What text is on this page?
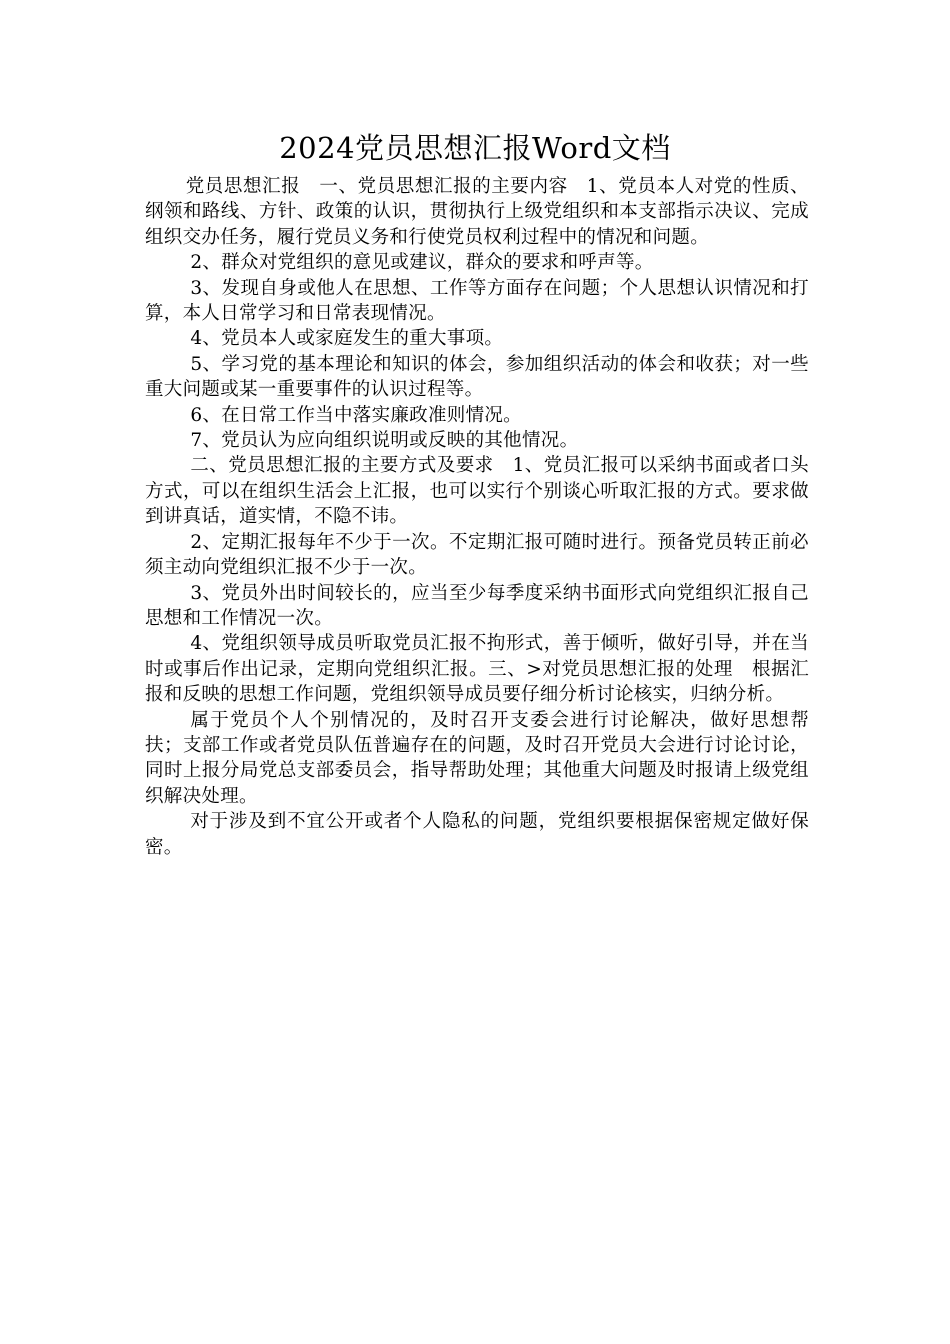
2024党员思想汇报Word文档

党员思想汇报　一、党员思想汇报的主要内容　1、党员本人对党的性质、纲领和路线、方针、政策的认识，贯彻执行上级党组织和本支部指示决议、完成组织交办任务，履行党员义务和行使党员权利过程中的情况和问题。

2、群众对党组织的意见或建议，群众的要求和呼声等。

3、发现自身或他人在思想、工作等方面存在问题；个人思想认识情况和打算，本人日常学习和日常表现情况。

4、党员本人或家庭发生的重大事项。

5、学习党的基本理论和知识的体会，参加组织活动的体会和收获；对一些重大问题或某一重要事件的认识过程等。

6、在日常工作当中落实廉政准则情况。

7、党员认为应向组织说明或反映的其他情况。

二、党员思想汇报的主要方式及要求　1、党员汇报可以采纳书面或者口头方式，可以在组织生活会上汇报，也可以实行个别谈心听取汇报的方式。要求做到讲真话，道实情，不隐不讳。

2、定期汇报每年不少于一次。不定期汇报可随时进行。预备党员转正前必须主动向党组织汇报不少于一次。

3、党员外出时间较长的，应当至少每季度采纳书面形式向党组织汇报自己思想和工作情况一次。

4、党组织领导成员听取党员汇报不拘形式，善于倾听，做好引导，并在当时或事后作出记录，定期向党组织汇报。三、>对党员思想汇报的处理　根据汇报和反映的思想工作问题，党组织领导成员要仔细分析讨论核实，归纳分析。

属于党员个人个别情况的，及时召开支委会进行讨论解决，做好思想帮扶；支部工作或者党员队伍普遍存在的问题，及时召开党员大会进行讨论讨论，同时上报分局党总支部委员会，指导帮助处理；其他重大问题及时报请上级党组织解决处理。

对于涉及到不宜公开或者个人隐私的问题，党组织要根据保密规定做好保密。
